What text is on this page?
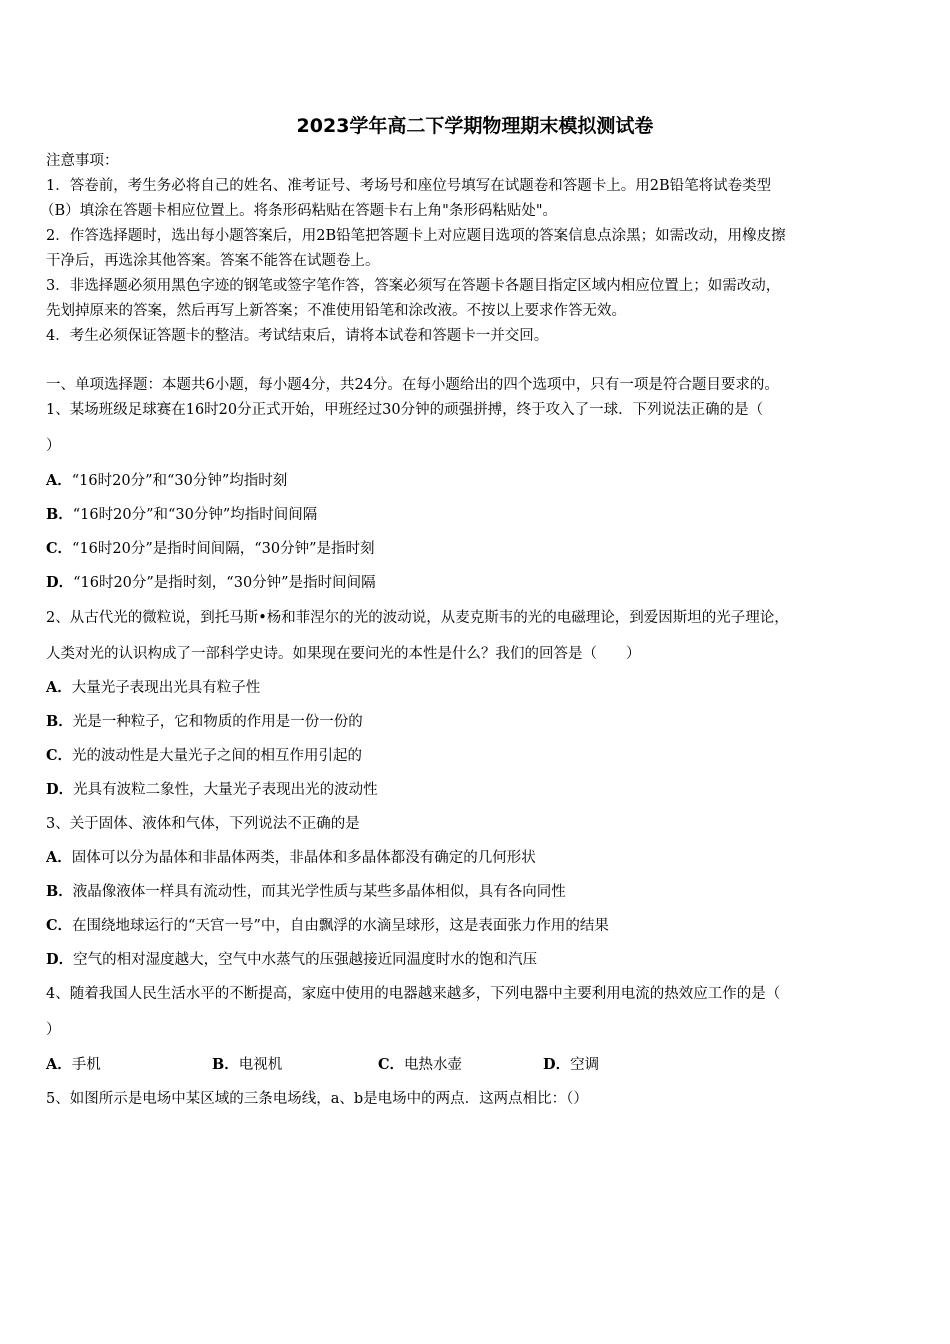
2023学年高二下学期物理期末模拟测试卷
注意事项：
1．答卷前，考生务必将自己的姓名、准考证号、考场号和座位号填写在试题卷和答题卡上。用2B铅笔将试卷类型
（B）填涂在答题卡相应位置上。将条形码粘贴在答题卡右上角"条形码粘贴处"。
2．作答选择题时，选出每小题答案后，用2B铅笔把答题卡上对应题目选项的答案信息点涂黑；如需改动，用橡皮擦
干净后，再选涂其他答案。答案不能答在试题卷上。
3．非选择题必须用黑色字迹的钢笔或签字笔作答，答案必须写在答题卡各题目指定区域内相应位置上；如需改动，
先划掉原来的答案，然后再写上新答案；不准使用铅笔和涂改液。不按以上要求作答无效。
4．考生必须保证答题卡的整洁。考试结束后，请将本试卷和答题卡一并交回。
一、单项选择题：本题共6小题，每小题4分，共24分。在每小题给出的四个选项中，只有一项是符合题目要求的。
1、某场班级足球赛在16时20分正式开始，甲班经过30分钟的顽强拼搏，终于攻入了一球．下列说法正确的是（
）
A．“16时20分”和“30分钟”均指时刻
B．“16时20分”和“30分钟”均指时间间隔
C．“16时20分”是指时间间隔，“30分钟”是指时刻
D．“16时20分”是指时刻，“30分钟”是指时间间隔
2、从古代光的微粒说，到托马斯•杨和菲涅尔的光的波动说，从麦克斯韦的光的电磁理论，到爱因斯坦的光子理论，
人类对光的认识构成了一部科学史诗。如果现在要问光的本性是什么？我们的回答是（　　）
A．大量光子表现出光具有粒子性
B．光是一种粒子，它和物质的作用是一份一份的
C．光的波动性是大量光子之间的相互作用引起的
D．光具有波粒二象性，大量光子表现出光的波动性
3、关于固体、液体和气体，下列说法不正确的是
A．固体可以分为晶体和非晶体两类，非晶体和多晶体都没有确定的几何形状
B．液晶像液体一样具有流动性，而其光学性质与某些多晶体相似，具有各向同性
C．在围绕地球运行的“天宫一号”中，自由飘浮的水滴呈球形，这是表面张力作用的结果
D．空气的相对湿度越大，空气中水蒸气的压强越接近同温度时水的饱和汽压
4、随着我国人民生活水平的不断提高，家庭中使用的电器越来越多，下列电器中主要利用电流的热效应工作的是（
）
A．手机	B．电视机	C．电热水壶	D．空调
5、如图所示是电场中某区域的三条电场线，a、b是电场中的两点．这两点相比：（）
